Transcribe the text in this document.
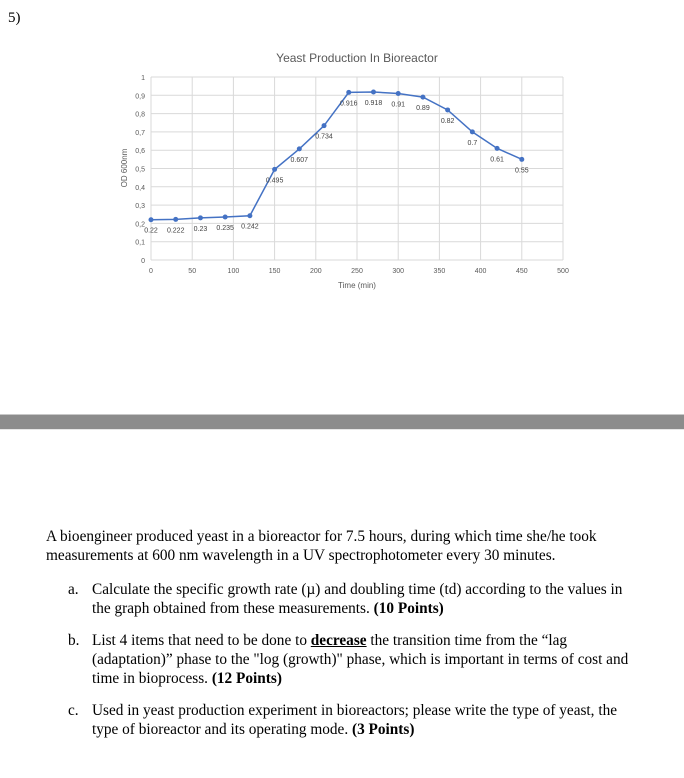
5)
Yeast Production In Bioreactor
0
0,1
0,2
0,3
0,4
0,5
0,6
0,7
0,8
0,9
1
0	50	100	150	200	250	300	350	400	450	500
Time (min)
OD 600nm
0.22 0.222 0.23 0.235 0.242
0.495
0.607
0.734
0.916 0.918 0.91
0.89
0.82
0.7
0.61
0.55
A bioengineer produced yeast in a bioreactor for 7.5 hours, during which time she/he took measurements at 600 nm wavelength in a UV spectrophotometer every 30 minutes.
a. Calculate the specific growth rate (µ) and doubling time (td) according to the values in the graph obtained from these measurements. (10 Points)
b. List 4 items that need to be done to decrease the transition time from the “lag (adaptation)” phase to the "log (growth)" phase, which is important in terms of cost and time in bioprocess. (12 Points)
c. Used in yeast production experiment in bioreactors; please write the type of yeast, the type of bioreactor and its operating mode. (3 Points)
